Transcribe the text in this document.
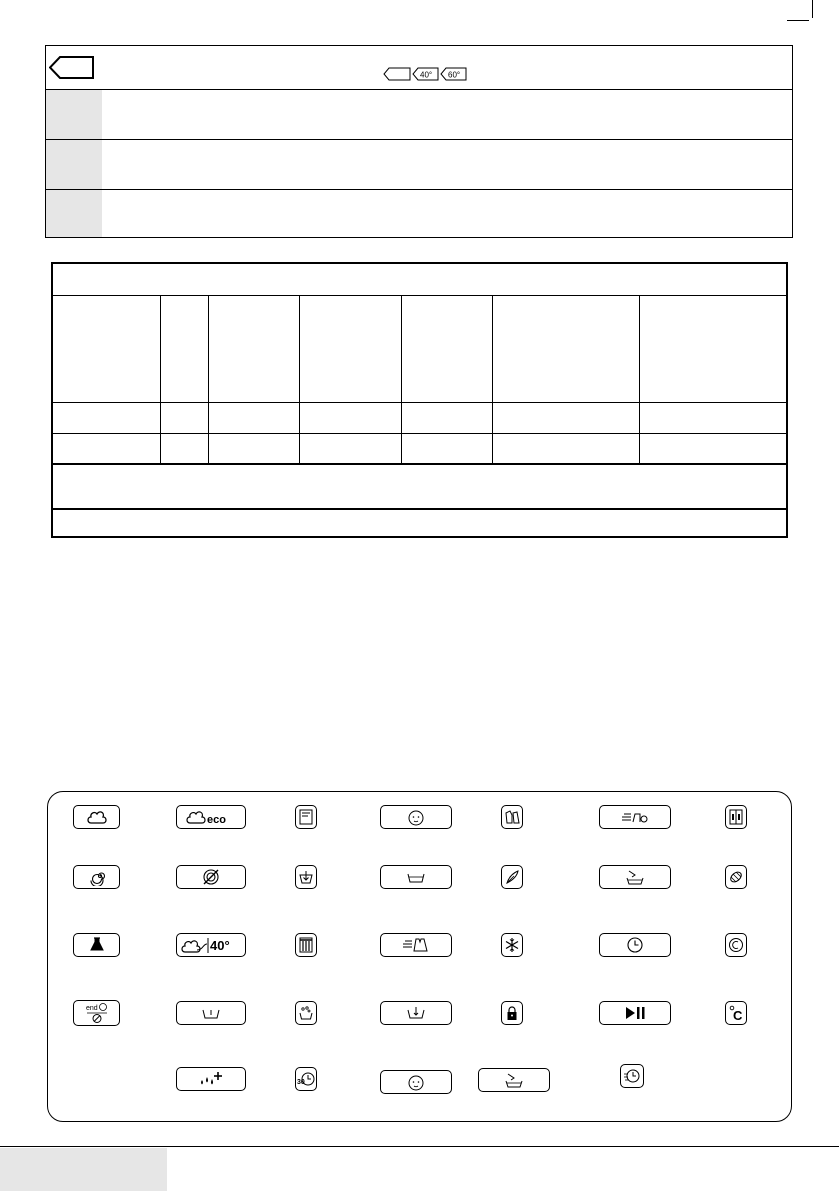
40° 60°
eco
40°
end	C
30
